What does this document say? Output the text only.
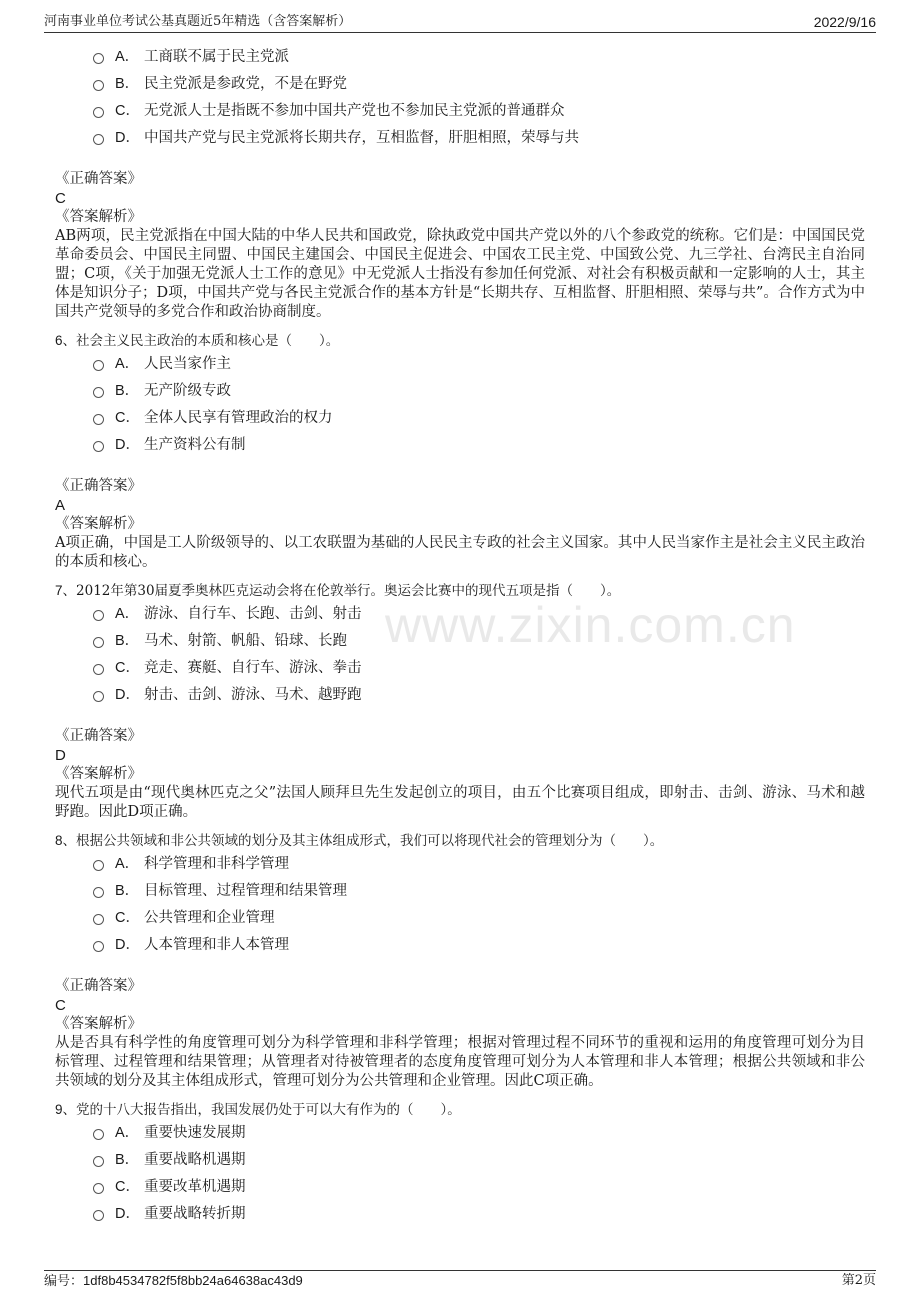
河南事业单位考试公基真题近5年精选（含答案解析）	2022/9/16
www.zixin.com.cn
A． 工商联不属于民主党派
B． 民主党派是参政党，不是在野党
C． 无党派人士是指既不参加中国共产党也不参加民主党派的普通群众
D． 中国共产党与民主党派将长期共存，互相监督，肝胆相照，荣辱与共
《正确答案》
C
《答案解析》
AB两项，民主党派指在中国大陆的中华人民共和国政党，除执政党中国共产党以外的八个参政党的统称。它们是：中国国民党革命委员会、中国民主同盟、中国民主建国会、中国民主促进会、中国农工民主党、中国致公党、九三学社、台湾民主自治同盟；C项，《关于加强无党派人士工作的意见》中无党派人士指没有参加任何党派、对社会有积极贡献和一定影响的人士，其主体是知识分子；D项，中国共产党与各民主党派合作的基本方针是“长期共存、互相监督、肝胆相照、荣辱与共”。合作方式为中国共产党领导的多党合作和政治协商制度。
6、社会主义民主政治的本质和核心是（　　）。
A． 人民当家作主
B． 无产阶级专政
C． 全体人民享有管理政治的权力
D． 生产资料公有制
《正确答案》
A
《答案解析》
A项正确，中国是工人阶级领导的、以工农联盟为基础的人民民主专政的社会主义国家。其中人民当家作主是社会主义民主政治的本质和核心。
7、2012年第30届夏季奥林匹克运动会将在伦敦举行。奥运会比赛中的现代五项是指（　　）。
A． 游泳、自行车、长跑、击剑、射击
B． 马术、射箭、帆船、铅球、长跑
C． 竞走、赛艇、自行车、游泳、拳击
D． 射击、击剑、游泳、马术、越野跑
《正确答案》
D
《答案解析》
现代五项是由“现代奥林匹克之父”法国人顾拜旦先生发起创立的项目，由五个比赛项目组成，即射击、击剑、游泳、马术和越野跑。因此D项正确。
8、根据公共领域和非公共领域的划分及其主体组成形式，我们可以将现代社会的管理划分为（　　）。
A． 科学管理和非科学管理
B． 目标管理、过程管理和结果管理
C． 公共管理和企业管理
D． 人本管理和非人本管理
《正确答案》
C
《答案解析》
从是否具有科学性的角度管理可划分为科学管理和非科学管理；根据对管理过程不同环节的重视和运用的角度管理可划分为目标管理、过程管理和结果管理；从管理者对待被管理者的态度角度管理可划分为人本管理和非人本管理；根据公共领域和非公共领域的划分及其主体组成形式，管理可划分为公共管理和企业管理。因此C项正确。
9、党的十八大报告指出，我国发展仍处于可以大有作为的（　　）。
A． 重要快速发展期
B． 重要战略机遇期
C． 重要改革机遇期
D． 重要战略转折期
编号：1df8b4534782f5f8bb24a64638ac43d9	第2页
